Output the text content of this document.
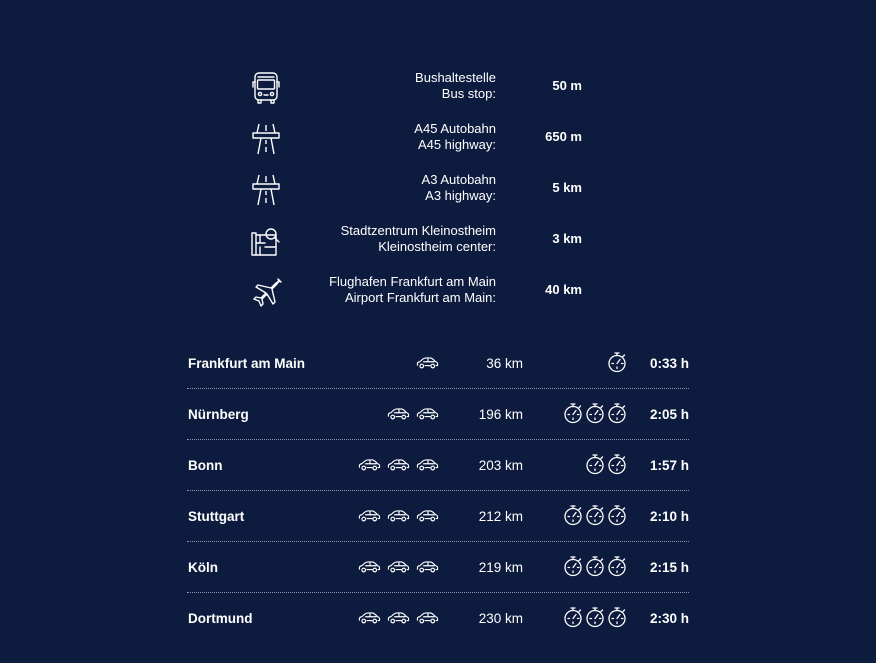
Bushaltestelle
Bus stop:
50 m
A45 Autobahn
A45 highway:
650 m
A3 Autobahn
A3 highway:
5 km
Stadtzentrum Kleinostheim
Kleinostheim center:
3 km
Flughafen Frankfurt am Main
Airport Frankfurt am Main:
40 km
Frankfurt am Main	36 km	0:33 h
Nürnberg	196 km	2:05 h
Bonn	203 km	1:57 h
Stuttgart	212 km	2:10 h
Köln	219 km	2:15 h
Dortmund	230 km	2:30 h
